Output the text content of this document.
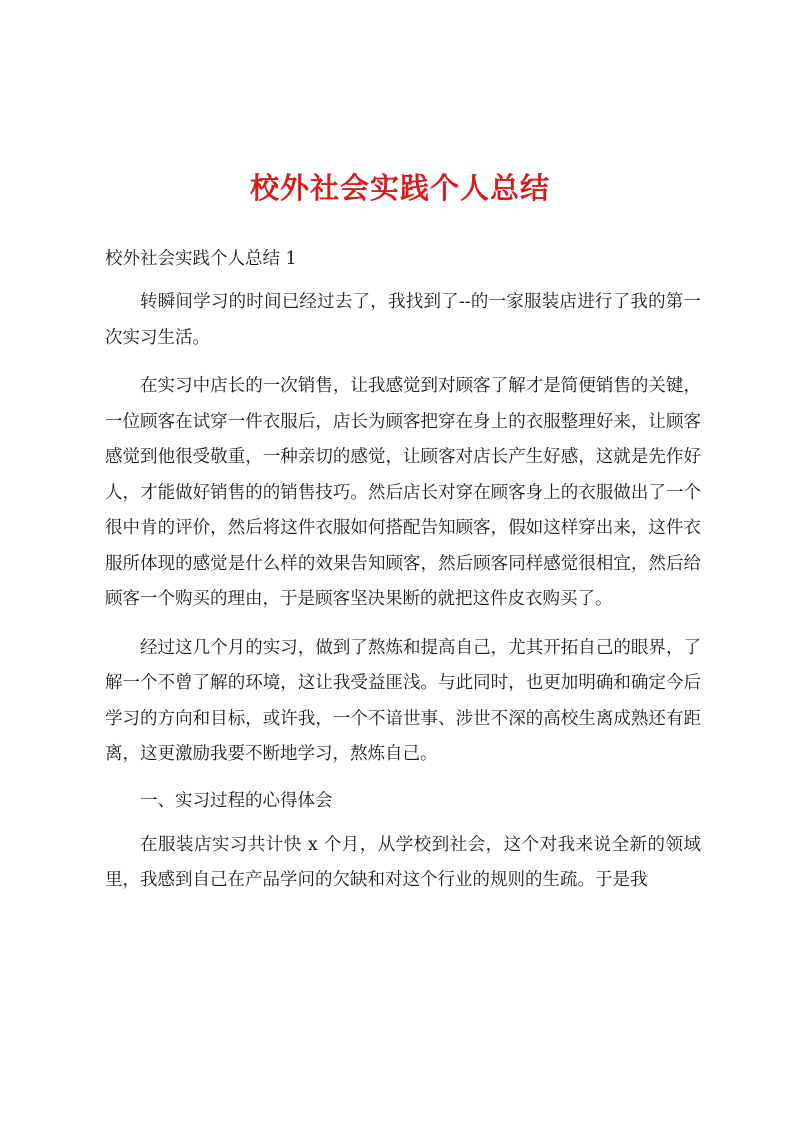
校外社会实践个人总结

校外社会实践个人总结 1

转瞬间学习的时间已经过去了，我找到了--的一家服装店进行了我的第一次实习生活。

在实习中店长的一次销售，让我感觉到对顾客了解才是简便销售的关键，一位顾客在试穿一件衣服后，店长为顾客把穿在身上的衣服整理好来，让顾客感觉到他很受敬重，一种亲切的感觉，让顾客对店长产生好感，这就是先作好人，才能做好销售的的销售技巧。然后店长对穿在顾客身上的衣服做出了一个很中肯的评价，然后将这件衣服如何搭配告知顾客，假如这样穿出来，这件衣服所体现的感觉是什么样的效果告知顾客，然后顾客同样感觉很相宜，然后给顾客一个购买的理由，于是顾客坚决果断的就把这件皮衣购买了。

经过这几个月的实习，做到了熬炼和提高自己，尤其开拓自己的眼界，了解一个不曾了解的环境，这让我受益匪浅。与此同时，也更加明确和确定今后学习的方向和目标，或许我，一个不谙世事、涉世不深的高校生离成熟还有距离，这更激励我要不断地学习，熬炼自己。

一、实习过程的心得体会

在服装店实习共计快 x 个月，从学校到社会，这个对我来说全新的领域里，我感到自己在产品学问的欠缺和对这个行业的规则的生疏。于是我
